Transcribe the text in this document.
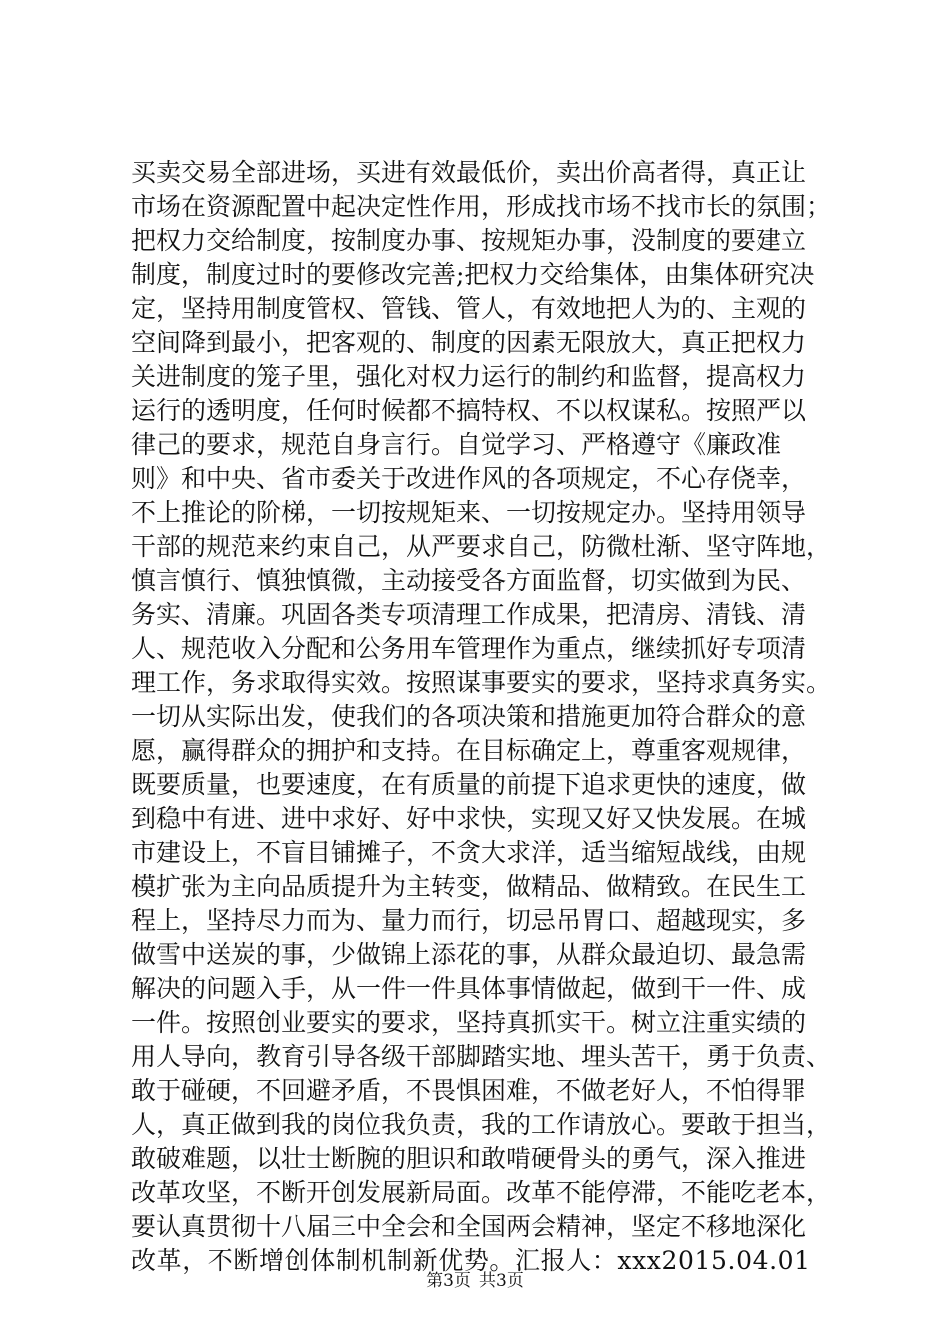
买卖交易全部进场，买进有效最低价，卖出价高者得，真正让
市场在资源配置中起决定性作用，形成找市场不找市长的氛围；
把权力交给制度，按制度办事、按规矩办事，没制度的要建立
制度，制度过时的要修改完善;把权力交给集体，由集体研究决
定，坚持用制度管权、管钱、管人，有效地把人为的、主观的
空间降到最小，把客观的、制度的因素无限放大，真正把权力
关进制度的笼子里，强化对权力运行的制约和监督，提高权力
运行的透明度，任何时候都不搞特权、不以权谋私。按照严以
律己的要求，规范自身言行。自觉学习、严格遵守《廉政准
则》和中央、省市委关于改进作风的各项规定，不心存侥幸，
不上推论的阶梯，一切按规矩来、一切按规定办。坚持用领导
干部的规范来约束自己，从严要求自己，防微杜渐、坚守阵地，
慎言慎行、慎独慎微，主动接受各方面监督，切实做到为民、
务实、清廉。巩固各类专项清理工作成果，把清房、清钱、清
人、规范收入分配和公务用车管理作为重点，继续抓好专项清
理工作，务求取得实效。按照谋事要实的要求，坚持求真务实。
一切从实际出发，使我们的各项决策和措施更加符合群众的意
愿，赢得群众的拥护和支持。在目标确定上，尊重客观规律，
既要质量，也要速度，在有质量的前提下追求更快的速度，做
到稳中有进、进中求好、好中求快，实现又好又快发展。在城
市建设上，不盲目铺摊子，不贪大求洋，适当缩短战线，由规
模扩张为主向品质提升为主转变，做精品、做精致。在民生工
程上，坚持尽力而为、量力而行，切忌吊胃口、超越现实，多
做雪中送炭的事，少做锦上添花的事，从群众最迫切、最急需
解决的问题入手，从一件一件具体事情做起，做到干一件、成
一件。按照创业要实的要求，坚持真抓实干。树立注重实绩的
用人导向，教育引导各级干部脚踏实地、埋头苦干，勇于负责、
敢于碰硬，不回避矛盾，不畏惧困难，不做老好人，不怕得罪
人，真正做到我的岗位我负责，我的工作请放心。要敢于担当，
敢破难题，以壮士断腕的胆识和敢啃硬骨头的勇气，深入推进
改革攻坚，不断开创发展新局面。改革不能停滞，不能吃老本，
要认真贯彻十八届三中全会和全国两会精神，坚定不移地深化
改革，不断增创体制机制新优势。汇报人：xxx2015.04.01
第3页 共3页
